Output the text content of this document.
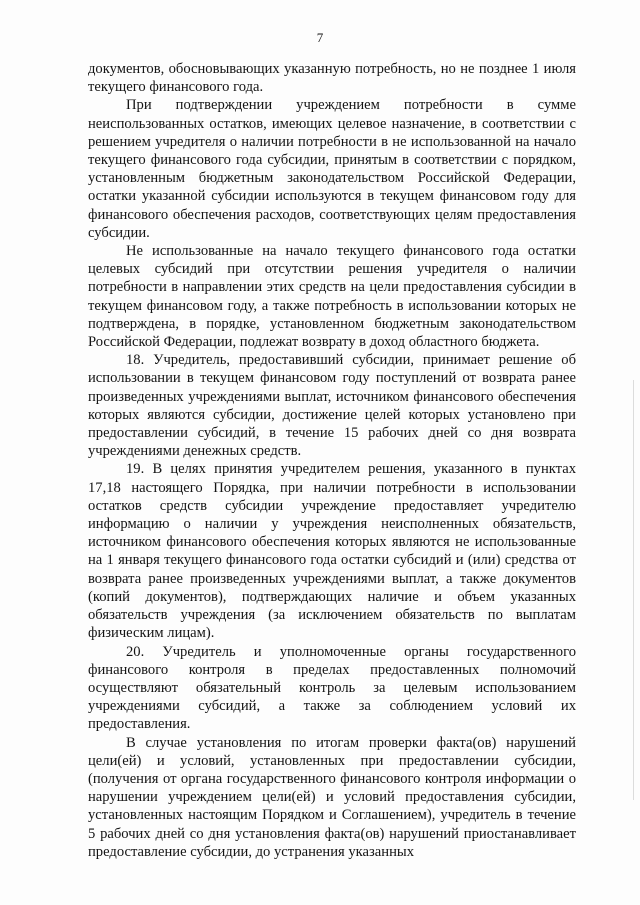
7

документов, обосновывающих указанную потребность, но не позднее 1 июля текущего финансового года.

При подтверждении учреждением потребности в сумме неиспользованных остатков, имеющих целевое назначение, в соответствии с решением учредителя о наличии потребности в не использованной на начало текущего финансового года субсидии, принятым в соответствии с порядком, установленным бюджетным законодательством Российской Федерации, остатки указанной субсидии используются в текущем финансовом году для финансового обеспечения расходов, соответствующих целям предоставления субсидии.

Не использованные на начало текущего финансового года остатки целевых субсидий при отсутствии решения учредителя о наличии потребности в направлении этих средств на цели предоставления субсидии в текущем финансовом году, а также потребность в использовании которых не подтверждена, в порядке, установленном бюджетным законодательством Российской Федерации, подлежат возврату в доход областного бюджета.

18. Учредитель, предоставивший субсидии, принимает решение об использовании в текущем финансовом году поступлений от возврата ранее произведенных учреждениями выплат, источником финансового обеспечения которых являются субсидии, достижение целей которых установлено при предоставлении субсидий, в течение 15 рабочих дней со дня возврата учреждениями денежных средств.

19. В целях принятия учредителем решения, указанного в пунктах 17,18 настоящего Порядка, при наличии потребности в использовании остатков средств субсидии учреждение предоставляет учредителю информацию о наличии у учреждения неисполненных обязательств, источником финансового обеспечения которых являются не использованные на 1 января текущего финансового года остатки субсидий и (или) средства от возврата ранее произведенных учреждениями выплат, а также документов (копий документов), подтверждающих наличие и объем указанных обязательств учреждения (за исключением обязательств по выплатам физическим лицам).

20. Учредитель и уполномоченные органы государственного финансового контроля в пределах предоставленных полномочий осуществляют обязательный контроль за целевым использованием учреждениями субсидий, а также за соблюдением условий их предоставления.

В случае установления по итогам проверки факта(ов) нарушений цели(ей) и условий, установленных при предоставлении субсидии, (получения от органа государственного финансового контроля информации о нарушении учреждением цели(ей) и условий предоставления субсидии, установленных настоящим Порядком и Соглашением), учредитель в течение 5 рабочих дней со дня установления факта(ов) нарушений приостанавливает предоставление субсидии, до устранения указанных
